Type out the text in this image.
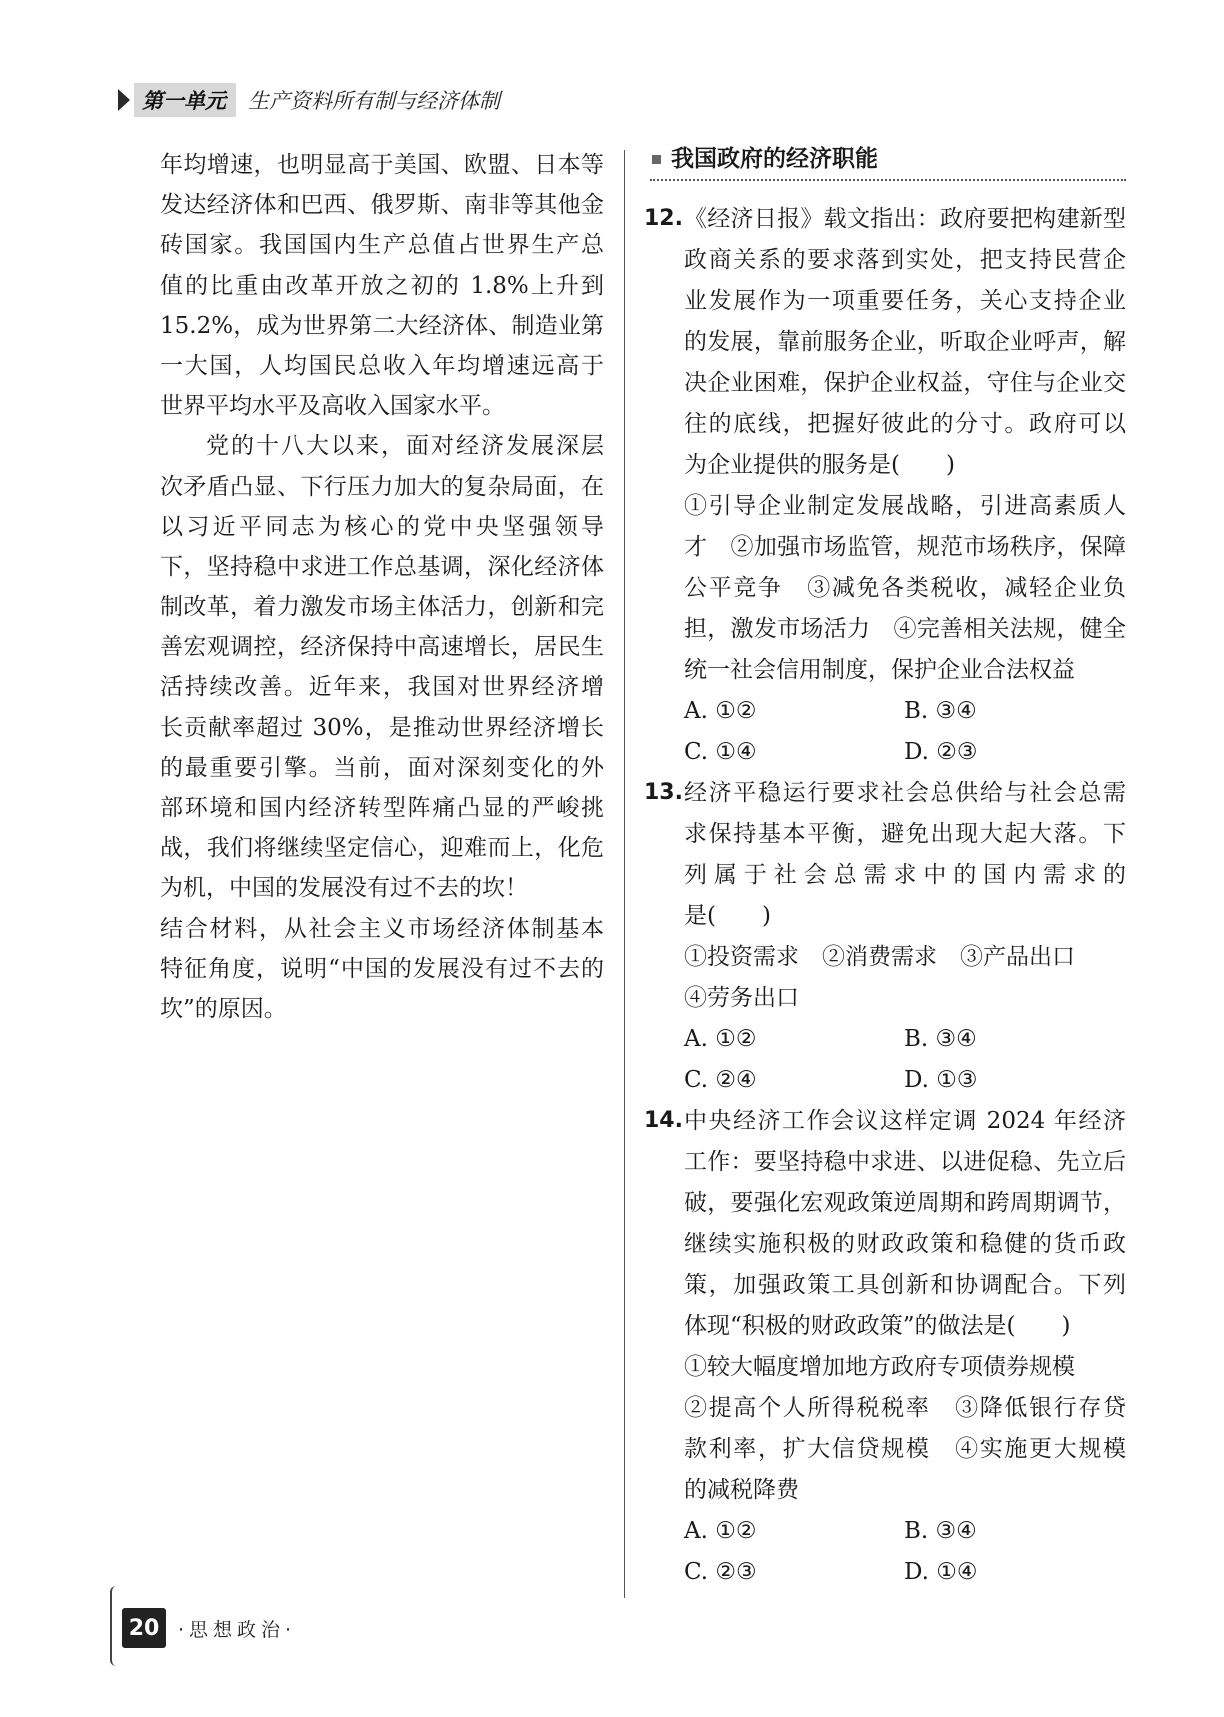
第一单元	生产资料所有制与经济体制
年均增速，也明显高于美国、欧盟、日本等
发达经济体和巴西、俄罗斯、南非等其他金
砖国家。我国国内生产总值占世界生产总
值的比重由改革开放之初的 1.8%上升到
15.2%，成为世界第二大经济体、制造业第
一大国，人均国民总收入年均增速远高于
世界平均水平及高收入国家水平。
党的十八大以来，面对经济发展深层
次矛盾凸显、下行压力加大的复杂局面，在
以习近平同志为核心的党中央坚强领导
下，坚持稳中求进工作总基调，深化经济体
制改革，着力激发市场主体活力，创新和完
善宏观调控，经济保持中高速增长，居民生
活持续改善。近年来，我国对世界经济增
长贡献率超过 30%，是推动世界经济增长
的最重要引擎。当前，面对深刻变化的外
部环境和国内经济转型阵痛凸显的严峻挑
战，我们将继续坚定信心，迎难而上，化危
为机，中国的发展没有过不去的坎！
结合材料，从社会主义市场经济体制基本
特征角度，说明“中国的发展没有过不去的
坎”的原因。
我国政府的经济职能
12. 《经济日报》载文指出：政府要把构建新型
政商关系的要求落到实处，把支持民营企
业发展作为一项重要任务，关心支持企业
的发展，靠前服务企业，听取企业呼声，解
决企业困难，保护企业权益，守住与企业交
往的底线，把握好彼此的分寸。政府可以
为企业提供的服务是(　　)
①引导企业制定发展战略，引进高素质人
才　②加强市场监管，规范市场秩序，保障
公平竞争　③减免各类税收，减轻企业负
担，激发市场活力　④完善相关法规，健全
统一社会信用制度，保护企业合法权益
A. ①②	B. ③④
C. ①④	D. ②③
13. 经济平稳运行要求社会总供给与社会总需
求保持基本平衡，避免出现大起大落。下
列属于社会总需求中的国内需求的
是(　　)
①投资需求　②消费需求　③产品出口
④劳务出口
A. ①②	B. ③④
C. ②④	D. ①③
14. 中央经济工作会议这样定调 2024 年经济
工作：要坚持稳中求进、以进促稳、先立后
破，要强化宏观政策逆周期和跨周期调节，
继续实施积极的财政政策和稳健的货币政
策，加强政策工具创新和协调配合。下列
体现“积极的财政政策”的做法是(　　)
①较大幅度增加地方政府专项债券规模
②提高个人所得税税率　③降低银行存贷
款利率，扩大信贷规模　④实施更大规模
的减税降费
A. ①②	B. ③④
C. ②③	D. ①④
20 ·思想政治·
